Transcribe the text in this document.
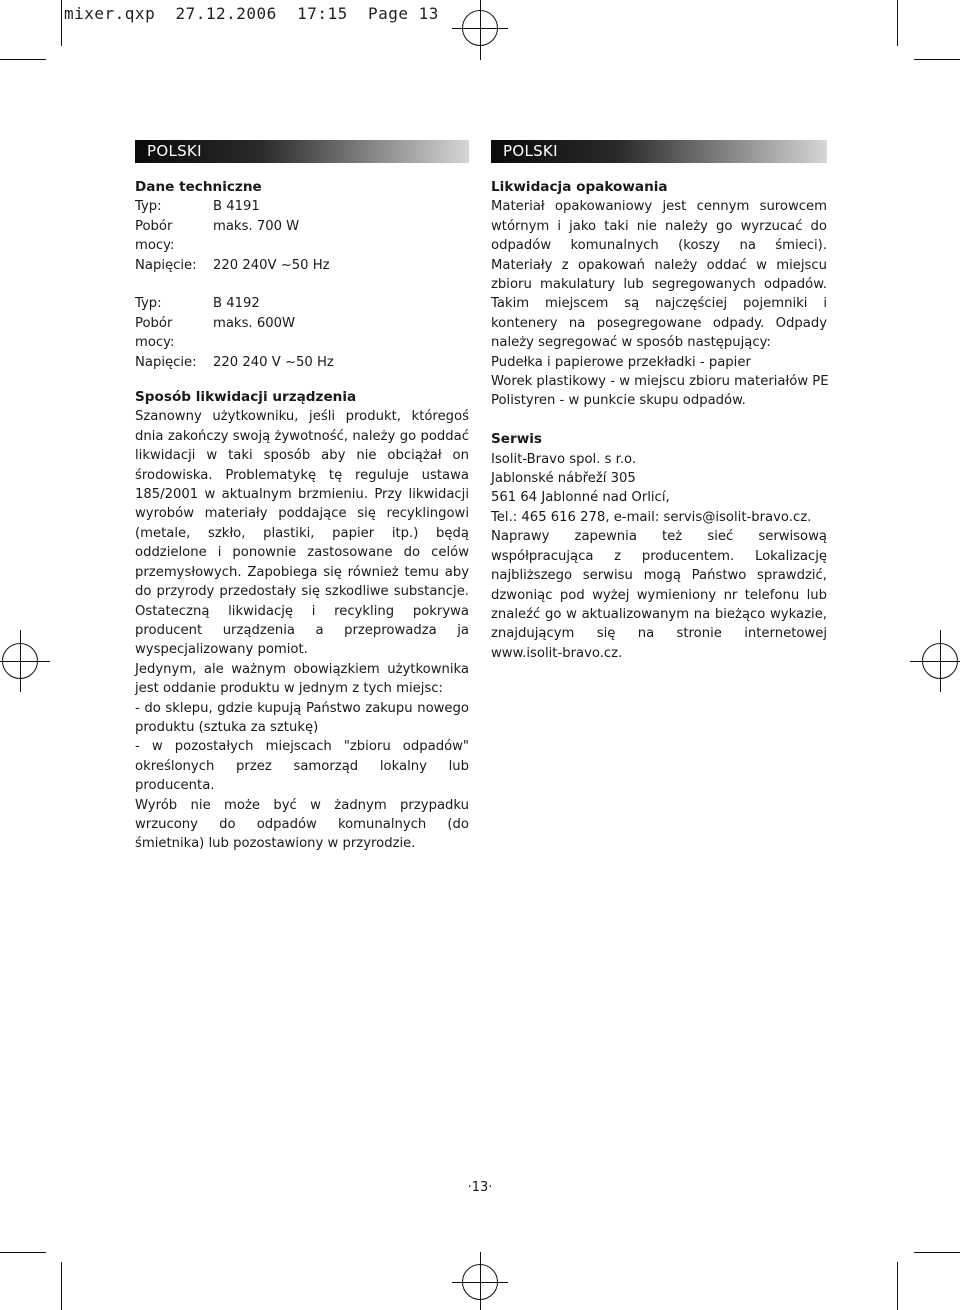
mixer.qxp 27.12.2006 17:15 Page 13
POLSKI
Dane techniczne
Typ:	B 4191
Pobór mocy:
maks. 700 W
Napięcie:	220 240V ~50 Hz
Typ:	B 4192
Pobór mocy:
maks. 600W
Napięcie:	220 240 V ~50 Hz
Sposób likwidacji urządzenia
Szanowny użytkowniku, jeśli produkt, któregoś dnia zakończy swoją żywotność, należy go poddać likwidacji w taki sposób aby nie obciążał on środowiska. Problematykę tę reguluje ustawa 185/2001 w aktualnym brzmieniu. Przy likwidacji wyrobów materiały poddające się recyklingowi (metale, szkło, plastiki, papier itp.) będą oddzielone i ponownie zastosowane do celów przemysłowych. Zapobiega się również temu aby do przyrody przedostały się szkodliwe substancje. Ostateczną likwidację i recykling pokrywa producent urządzenia a przeprowadza ja wyspecjalizowany pomiot.
Jedynym, ale ważnym obowiązkiem użytkownika jest oddanie produktu w jednym z tych miejsc:
- do sklepu, gdzie kupują Państwo zakupu nowego produktu (sztuka za sztukę)
- w pozostałych miejscach "zbioru odpadów" określonych przez samorząd lokalny lub producenta.
Wyrób nie może być w żadnym przypadku wrzucony do odpadów komunalnych (do śmietnika) lub pozostawiony w przyrodzie.
POLSKI
Likwidacja opakowania
Materiał opakowaniowy jest cennym surowcem wtórnym i jako taki nie należy go wyrzucać do odpadów komunalnych (koszy na śmieci). Materiały z opakowań należy oddać w miejscu zbioru makulatury lub segregowanych odpadów. Takim miejscem są najczęściej pojemniki i kontenery na posegregowane odpady. Odpady należy segregować w sposób następujący:
Pudełka i papierowe przekładki - papier
Worek plastikowy - w miejscu zbioru materiałów PE
Polistyren - w punkcie skupu odpadów.
Serwis
Isolit-Bravo spol. s r.o.
Jablonské nábřeží 305
561 64 Jablonné nad Orlicí,
Tel.: 465 616 278, e-mail: servis@isolit-bravo.cz.
Naprawy zapewnia też sieć serwisową współpracująca z producentem. Lokalizację najbliższego serwisu mogą Państwo sprawdzić, dzwoniąc pod wyżej wymieniony nr telefonu lub znaleźć go w aktualizowanym na bieżąco wykazie, znajdującym się na stronie internetowej www.isolit-bravo.cz.
·13·
